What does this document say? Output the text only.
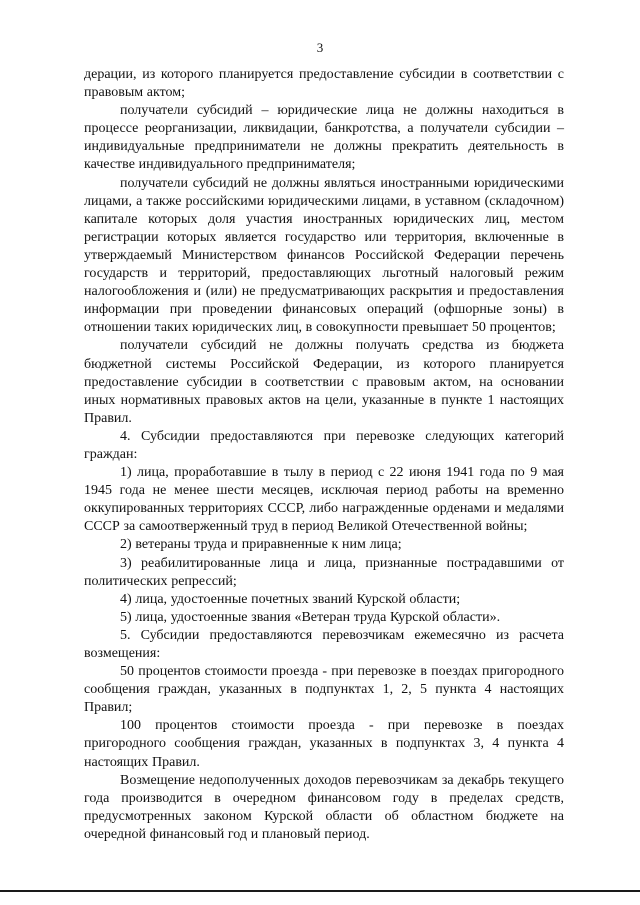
3

дерации, из которого планируется предоставление субсидии в соответствии с правовым актом;

получатели субсидий – юридические лица не должны находиться в процессе реорганизации, ликвидации, банкротства, а получатели субсидии – индивидуальные предприниматели не должны прекратить деятельность в качестве индивидуального предпринимателя;

получатели субсидий не должны являться иностранными юридическими лицами, а также российскими юридическими лицами, в уставном (складочном) капитале которых доля участия иностранных юридических лиц, местом регистрации которых является государство или территория, включенные в утверждаемый Министерством финансов Российской Федерации перечень государств и территорий, предоставляющих льготный налоговый режим налогообложения и (или) не предусматривающих раскрытия и предоставления информации при проведении финансовых операций (офшорные зоны) в отношении таких юридических лиц, в совокупности превышает 50 процентов;

получатели субсидий не должны получать средства из бюджета бюджетной системы Российской Федерации, из которого планируется предоставление субсидии в соответствии с правовым актом, на основании иных нормативных правовых актов на цели, указанные в пункте 1 настоящих Правил.

4. Субсидии предоставляются при перевозке следующих категорий граждан:

1) лица, проработавшие в тылу в период с 22 июня 1941 года по 9 мая 1945 года не менее шести месяцев, исключая период работы на временно оккупированных территориях СССР, либо награжденные орденами и медалями СССР за самоотверженный труд в период Великой Отечественной войны;

2) ветераны труда и приравненные к ним лица;

3) реабилитированные лица и лица, признанные пострадавшими от политических репрессий;

4) лица, удостоенные почетных званий Курской области;

5) лица, удостоенные звания «Ветеран труда Курской области».

5. Субсидии предоставляются перевозчикам ежемесячно из расчета возмещения:

50 процентов стоимости проезда - при перевозке в поездах пригородного сообщения граждан, указанных в подпунктах 1, 2, 5 пункта 4 настоящих Правил;

100 процентов стоимости проезда - при перевозке в поездах пригородного сообщения граждан, указанных в подпунктах 3, 4 пункта 4 настоящих Правил.

Возмещение недополученных доходов перевозчикам за декабрь текущего года производится в очередном финансовом году в пределах средств, предусмотренных законом Курской области об областном бюджете на очередной финансовый год и плановый период.
